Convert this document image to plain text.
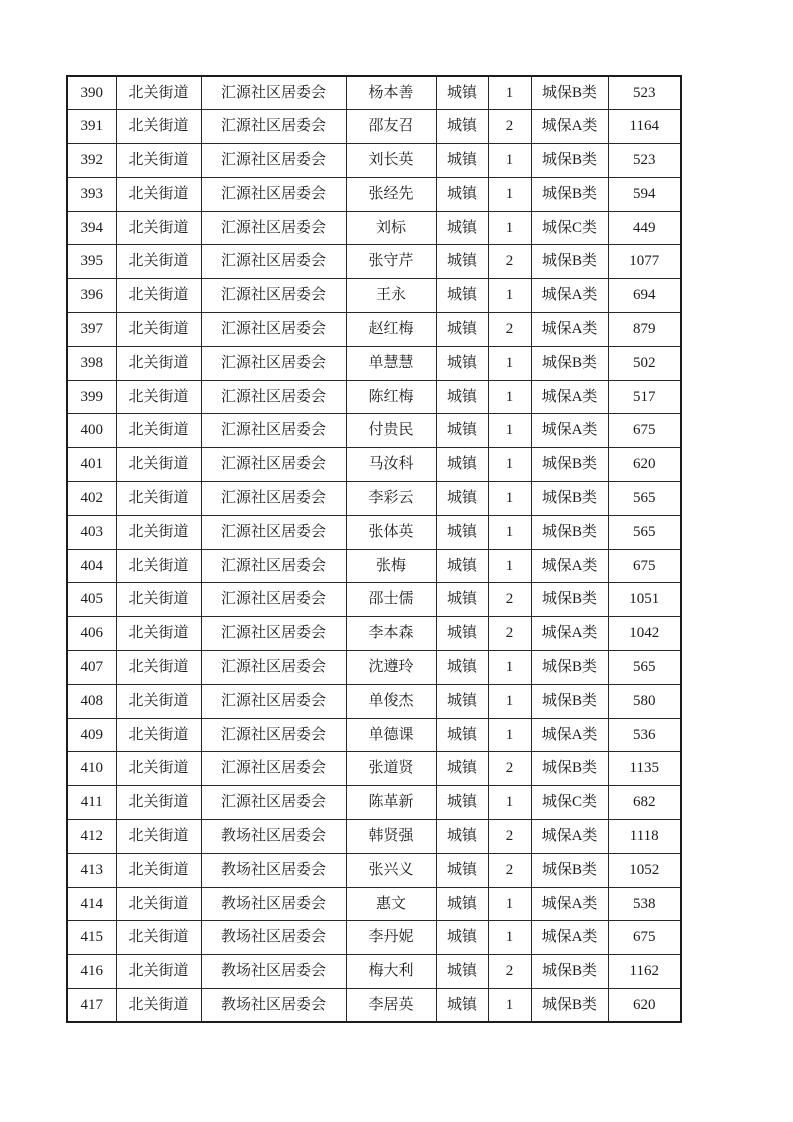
390	北关街道	汇源社区居委会	杨本善	城镇	1	城保B类	523
391	北关街道	汇源社区居委会	邵友召	城镇	2	城保A类	1164
392	北关街道	汇源社区居委会	刘长英	城镇	1	城保B类	523
393	北关街道	汇源社区居委会	张经先	城镇	1	城保B类	594
394	北关街道	汇源社区居委会	刘标	城镇	1	城保C类	449
395	北关街道	汇源社区居委会	张守芹	城镇	2	城保B类	1077
396	北关街道	汇源社区居委会	王永	城镇	1	城保A类	694
397	北关街道	汇源社区居委会	赵红梅	城镇	2	城保A类	879
398	北关街道	汇源社区居委会	单慧慧	城镇	1	城保B类	502
399	北关街道	汇源社区居委会	陈红梅	城镇	1	城保A类	517
400	北关街道	汇源社区居委会	付贵民	城镇	1	城保A类	675
401	北关街道	汇源社区居委会	马汝科	城镇	1	城保B类	620
402	北关街道	汇源社区居委会	李彩云	城镇	1	城保B类	565
403	北关街道	汇源社区居委会	张体英	城镇	1	城保B类	565
404	北关街道	汇源社区居委会	张梅	城镇	1	城保A类	675
405	北关街道	汇源社区居委会	邵士儒	城镇	2	城保B类	1051
406	北关街道	汇源社区居委会	李本森	城镇	2	城保A类	1042
407	北关街道	汇源社区居委会	沈遵玲	城镇	1	城保B类	565
408	北关街道	汇源社区居委会	单俊杰	城镇	1	城保B类	580
409	北关街道	汇源社区居委会	单德课	城镇	1	城保A类	536
410	北关街道	汇源社区居委会	张道贤	城镇	2	城保B类	1135
411	北关街道	汇源社区居委会	陈革新	城镇	1	城保C类	682
412	北关街道	教场社区居委会	韩贤强	城镇	2	城保A类	1118
413	北关街道	教场社区居委会	张兴义	城镇	2	城保B类	1052
414	北关街道	教场社区居委会	惠文	城镇	1	城保A类	538
415	北关街道	教场社区居委会	李丹妮	城镇	1	城保A类	675
416	北关街道	教场社区居委会	梅大利	城镇	2	城保B类	1162
417	北关街道	教场社区居委会	李居英	城镇	1	城保B类	620
